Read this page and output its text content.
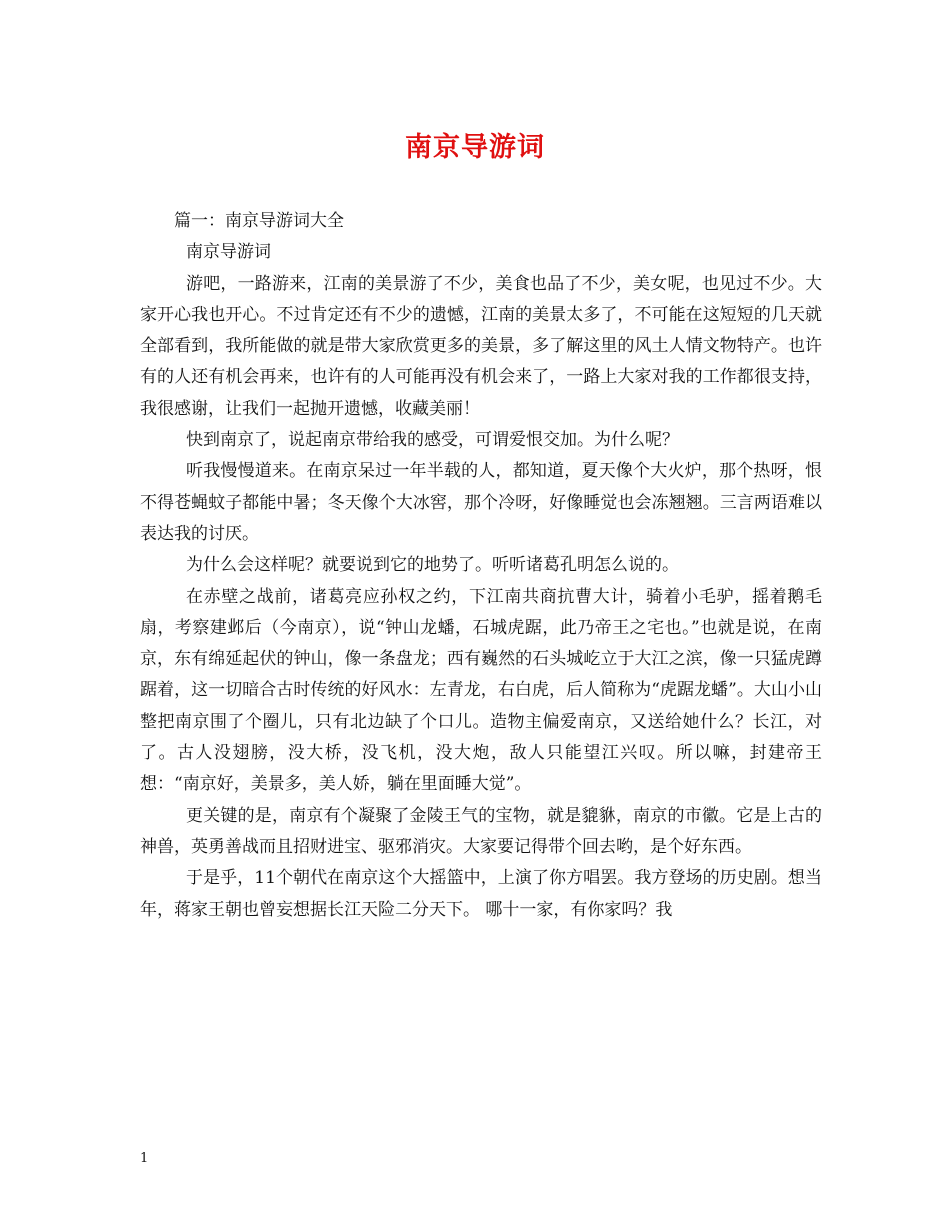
南京导游词

篇一：南京导游词大全

南京导游词

游吧，一路游来，江南的美景游了不少，美食也品了不少，美女呢，也见过不少。大家开心我也开心。不过肯定还有不少的遗憾，江南的美景太多了，不可能在这短短的几天就全部看到，我所能做的就是带大家欣赏更多的美景，多了解这里的风土人情文物特产。也许有的人还有机会再来，也许有的人可能再没有机会来了，一路上大家对我的工作都很支持，我很感谢，让我们一起抛开遗憾，收藏美丽！

快到南京了，说起南京带给我的感受，可谓爱恨交加。为什么呢？

听我慢慢道来。在南京呆过一年半载的人，都知道，夏天像个大火炉，那个热呀，恨不得苍蝇蚊子都能中暑；冬天像个大冰窖，那个冷呀，好像睡觉也会冻翘翘。三言两语难以表达我的讨厌。

为什么会这样呢？就要说到它的地势了。听听诸葛孔明怎么说的。

在赤壁之战前，诸葛亮应孙权之约，下江南共商抗曹大计，骑着小毛驴，摇着鹅毛扇，考察建邺后（今南京），说“钟山龙蟠，石城虎踞，此乃帝王之宅也。”也就是说，在南京，东有绵延起伏的钟山，像一条盘龙；西有巍然的石头城屹立于大江之滨，像一只猛虎蹲踞着，这一切暗合古时传统的好风水：左青龙，右白虎，后人简称为“虎踞龙蟠”。大山小山整把南京围了个圈儿，只有北边缺了个口儿。造物主偏爱南京，又送给她什么？长江，对了。古人没翅膀，没大桥，没飞机，没大炮，敌人只能望江兴叹。所以嘛，封建帝王想：“南京好，美景多，美人娇，躺在里面睡大觉”。

更关键的是，南京有个凝聚了金陵王气的宝物，就是貔貅，南京的市徽。它是上古的神兽，英勇善战而且招财进宝、驱邪消灾。大家要记得带个回去哟，是个好东西。

于是乎，11个朝代在南京这个大摇篮中，上演了你方唱罢。我方登场的历史剧。想当年，蒋家王朝也曾妄想据长江天险二分天下。 哪十一家，有你家吗？我

1
